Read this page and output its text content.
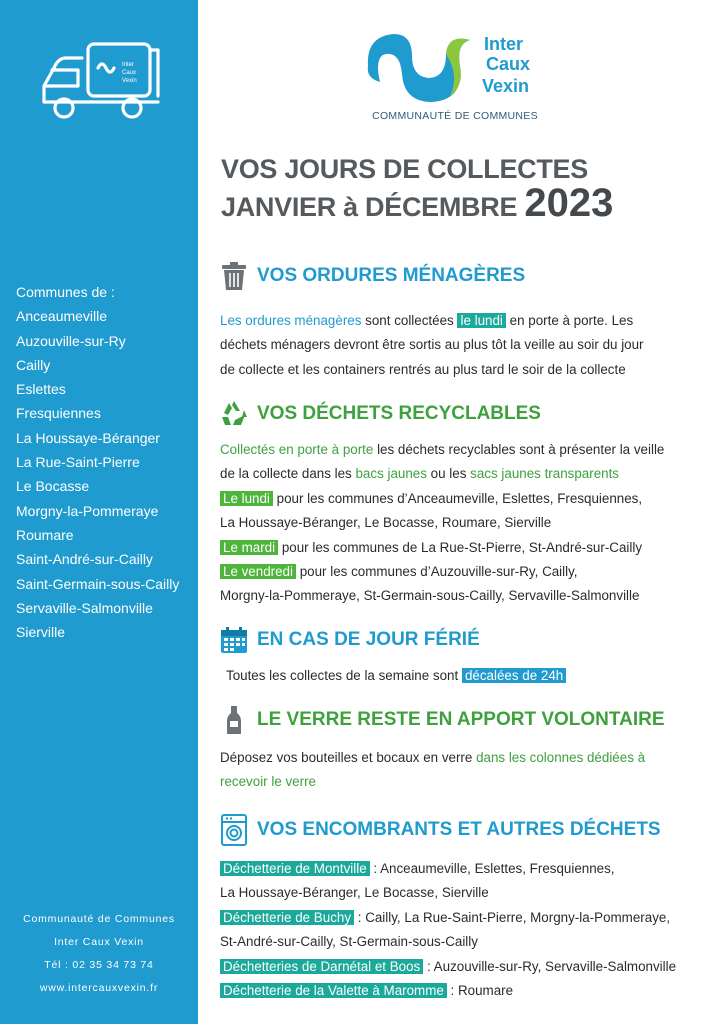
Inter
Caux
Vexin
Communes de :
Anceaumeville
Auzouville-sur-Ry
Cailly
Eslettes
Fresquiennes
La Houssaye-Béranger
La Rue-Saint-Pierre
Le Bocasse
Morgny-la-Pommeraye
Roumare
Saint-André-sur-Cailly
Saint-Germain-sous-Cailly
Servaville-Salmonville
Sierville
Communauté de Communes
Inter Caux Vexin
Tél : 02 35 34 73 74
www.intercauxvexin.fr
Inter
Caux
Vexin
COMMUNAUTÉ DE COMMUNES
VOS JOURS DE COLLECTES
JANVIER à DÉCEMBRE 2023
VOS ORDURES MÉNAGÈRES
Les ordures ménagères sont collectées le lundi en porte à porte. Les
déchets ménagers devront être sortis au plus tôt la veille au soir du jour
de collecte et les containers rentrés au plus tard le soir de la collecte
VOS DÉCHETS RECYCLABLES
Collectés en porte à porte les déchets recyclables sont à présenter la veille
de la collecte dans les bacs jaunes ou les sacs jaunes transparents
Le lundi pour les communes d’Anceaumeville, Eslettes, Fresquiennes,
La Houssaye-Béranger, Le Bocasse, Roumare, Sierville
Le mardi pour les communes de La Rue-St-Pierre, St-André-sur-Cailly
Le vendredi pour les communes d’Auzouville-sur-Ry, Cailly,
Morgny-la-Pommeraye, St-Germain-sous-Cailly, Servaville-Salmonville
EN CAS DE JOUR FÉRIÉ
Toutes les collectes de la semaine sont décalées de 24h
LE VERRE RESTE EN APPORT VOLONTAIRE
Déposez vos bouteilles et bocaux en verre dans les colonnes dédiées à
recevoir le verre
VOS ENCOMBRANTS ET AUTRES DÉCHETS
Déchetterie de Montville : Anceaumeville, Eslettes, Fresquiennes,
La Houssaye-Béranger, Le Bocasse, Sierville
Déchetterie de Buchy : Cailly, La Rue-Saint-Pierre, Morgny-la-Pommeraye,
St-André-sur-Cailly, St-Germain-sous-Cailly
Déchetteries de Darnétal et Boos : Auzouville-sur-Ry, Servaville-Salmonville
Déchetterie de la Valette à Maromme : Roumare
